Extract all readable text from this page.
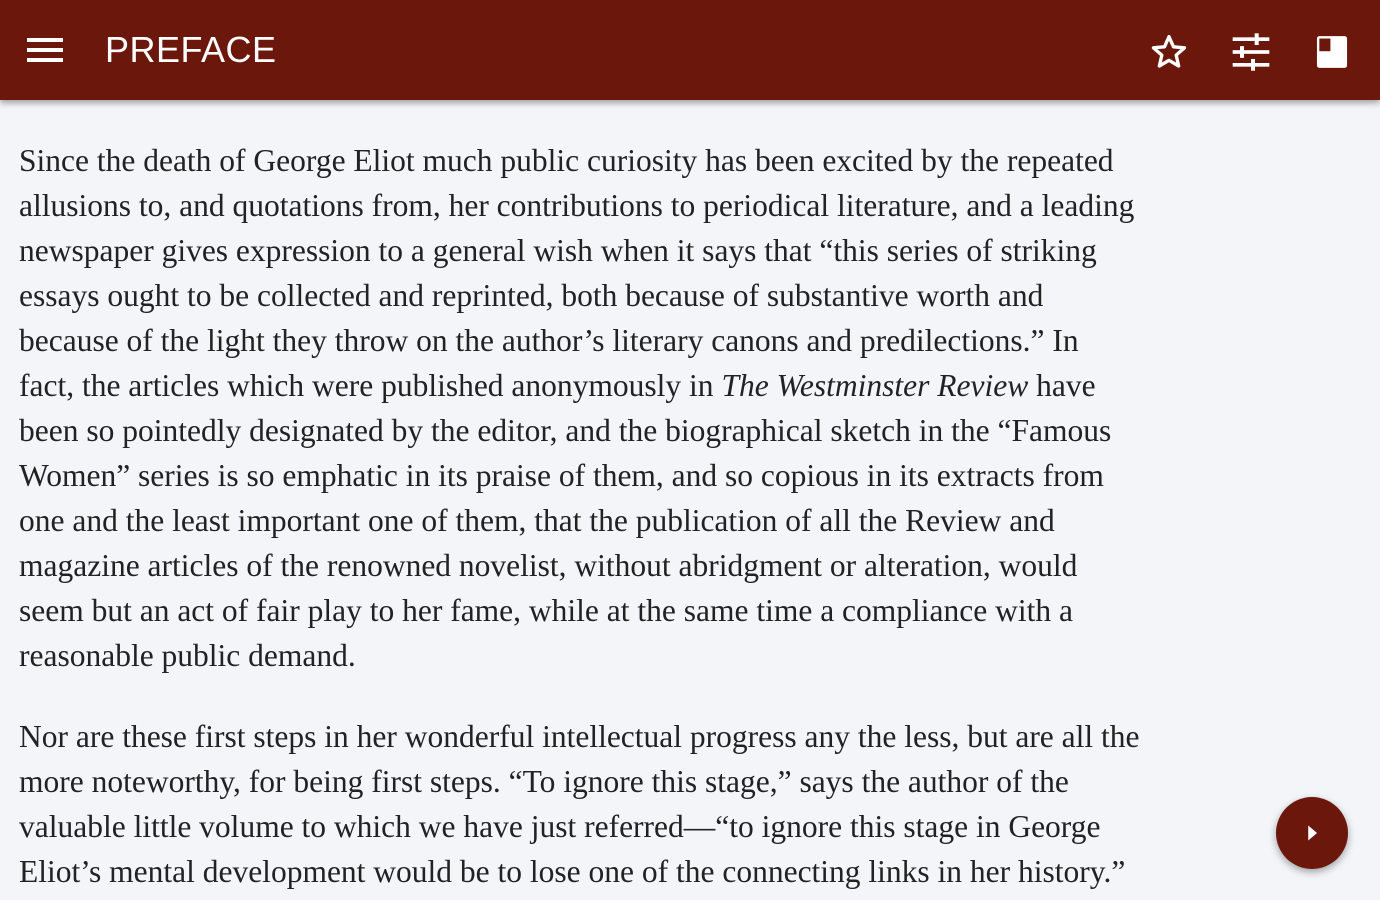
PREFACE

Since the death of George Eliot much public curiosity has been excited by the repeated
allusions to, and quotations from, her contributions to periodical literature, and a leading
newspaper gives expression to a general wish when it says that “this series of striking
essays ought to be collected and reprinted, both because of substantive worth and
because of the light they throw on the author’s literary canons and predilections.” In
fact, the articles which were published anonymously in The Westminster Review have
been so pointedly designated by the editor, and the biographical sketch in the “Famous
Women” series is so emphatic in its praise of them, and so copious in its extracts from
one and the least important one of them, that the publication of all the Review and
magazine articles of the renowned novelist, without abridgment or alteration, would
seem but an act of fair play to her fame, while at the same time a compliance with a
reasonable public demand.

Nor are these first steps in her wonderful intellectual progress any the less, but are all the
more noteworthy, for being first steps. “To ignore this stage,” says the author of the
valuable little volume to which we have just referred—“to ignore this stage in George
Eliot’s mental development would be to lose one of the connecting links in her history.”
